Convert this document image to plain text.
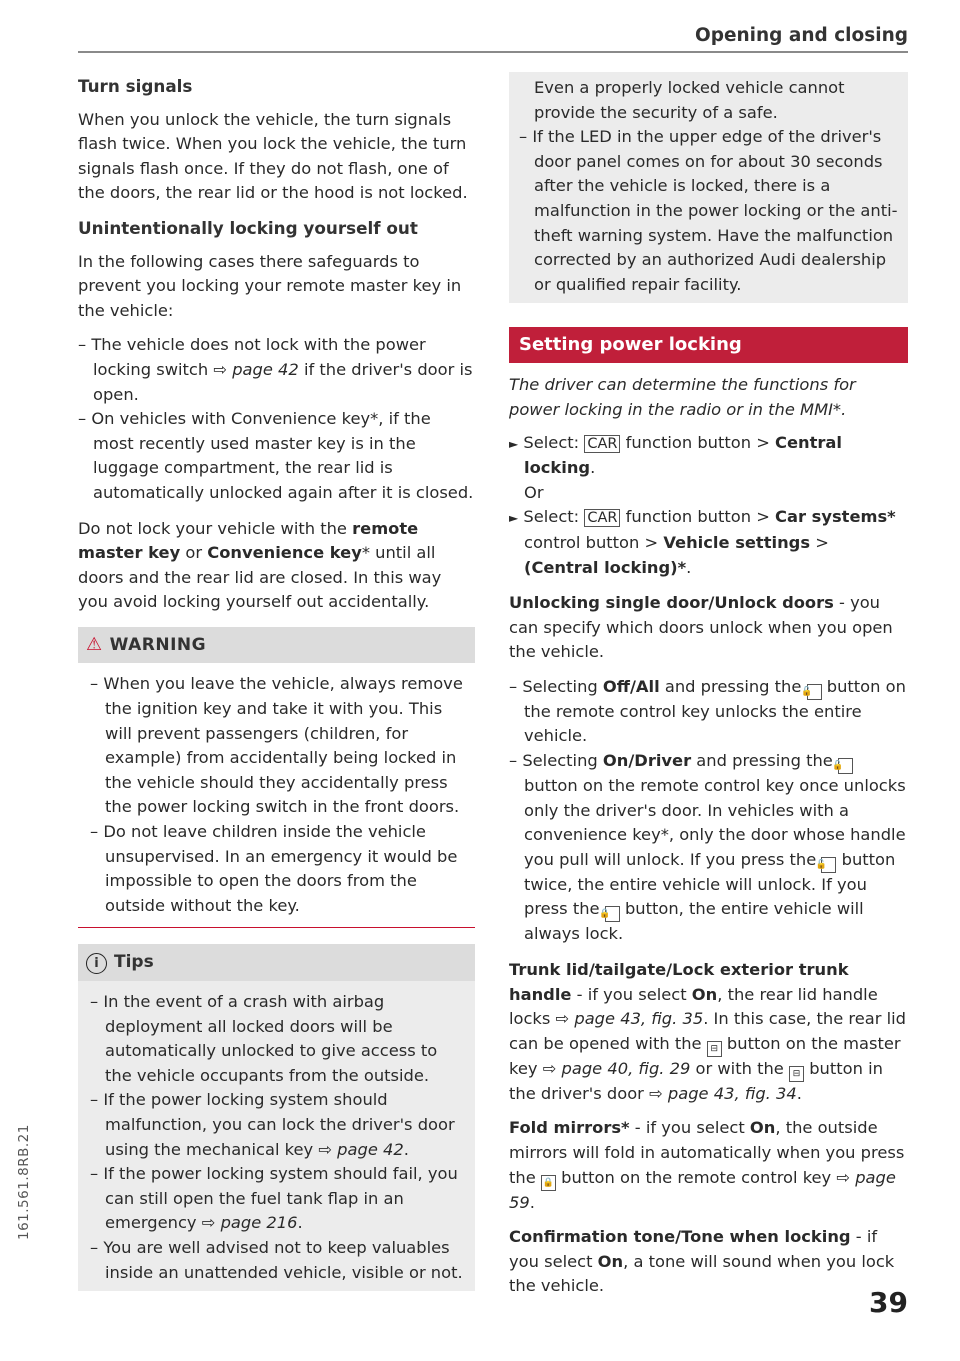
Opening and closing
Turn signals

When you unlock the vehicle, the turn signals flash twice. When you lock the vehicle, the turn signals flash once. If they do not flash, one of the doors, the rear lid or the hood is not locked.

Unintentionally locking yourself out

In the following cases there safeguards to prevent you locking your remote master key in the vehicle:

– The vehicle does not lock with the power locking switch ⇨ page 42 if the driver's door is open.

– On vehicles with Convenience key*, if the most recently used master key is in the luggage compartment, the rear lid is automatically unlocked again after it is closed.

Do not lock your vehicle with the remote master key or Convenience key* until all doors and the rear lid are closed. In this way you avoid locking yourself out accidentally.

⚠ WARNING

– When you leave the vehicle, always remove the ignition key and take it with you. This will prevent passengers (children, for example) from accidentally being locked in the vehicle should they accidentally press the power locking switch in the front doors.

– Do not leave children inside the vehicle unsupervised. In an emergency it would be impossible to open the doors from the outside without the key.

i Tips

– In the event of a crash with airbag deployment all locked doors will be automatically unlocked to give access to the vehicle occupants from the outside.

– If the power locking system should malfunction, you can lock the driver's door using the mechanical key ⇨ page 42.

– If the power locking system should fail, you can still open the fuel tank flap in an emergency ⇨ page 216.

– You are well advised not to keep valuables inside an unattended vehicle, visible or not.

Even a properly locked vehicle cannot provide the security of a safe.

– If the LED in the upper edge of the driver's door panel comes on for about 30 seconds after the vehicle is locked, there is a malfunction in the power locking or the anti-theft warning system. Have the malfunction corrected by an authorized Audi dealership or qualified repair facility.

Setting power locking

The driver can determine the functions for power locking in the radio or in the MMI*.

► Select: CAR function button > Central locking.

Or

► Select: CAR function button > Car systems* control button > Vehicle settings > (Central locking)*.

Unlocking single door/Unlock doors - you can specify which doors unlock when you open the vehicle.

– Selecting Off/All and pressing the 🔓 button on the remote control key unlocks the entire vehicle.

– Selecting On/Driver and pressing the 🔓 button on the remote control key once unlocks only the driver's door. In vehicles with a convenience key*, only the door whose handle you pull will unlock. If you press the 🔓 button twice, the entire vehicle will unlock. If you press the 🔒 button, the entire vehicle will always lock.

Trunk lid/tailgate/Lock exterior trunk handle - if you select On, the rear lid handle locks ⇨ page 43, fig. 35. In this case, the rear lid can be opened with the ⊟ button on the master key ⇨ page 40, fig. 29 or with the ⊟ button in the driver's door ⇨ page 43, fig. 34.

Fold mirrors* - if you select On, the outside mirrors will fold in automatically when you press the 🔒 button on the remote control key ⇨ page 59.

Confirmation tone/Tone when locking - if you select On, a tone will sound when you lock the vehicle.

39
161.561.8RB.21
